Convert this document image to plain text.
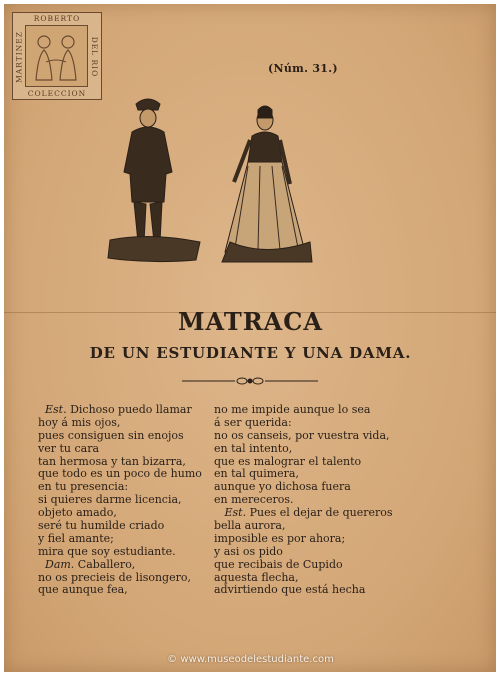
ROBERTO
MARTINEZ	DEL RIO
COLECCION
(Núm. 31.)
MATRACA
DE UN ESTUDIANTE Y UNA DAMA.
Est. Dichoso puedo llamar
hoy á mis ojos,
pues consiguen sin enojos
ver tu cara
tan hermosa y tan bizarra,
que todo es un poco de humo
en tu presencia:
si quieres darme licencia,
objeto amado,
seré tu humilde criado
y fiel amante;
mira que soy estudiante.
Dam. Caballero,
no os precieis de lisongero,
que aunque fea,
no me impide aunque lo sea
á ser querida:
no os canseis, por vuestra vida,
en tal intento,
que es malograr el talento
en tal quimera,
aunque yo dichosa fuera
en mereceros.
Est. Pues el dejar de quereros
bella aurora,
imposible es por ahora;
y asi os pido
que recibais de Cupido
aquesta flecha,
advirtiendo que está hecha
© www.museodelestudiante.com
